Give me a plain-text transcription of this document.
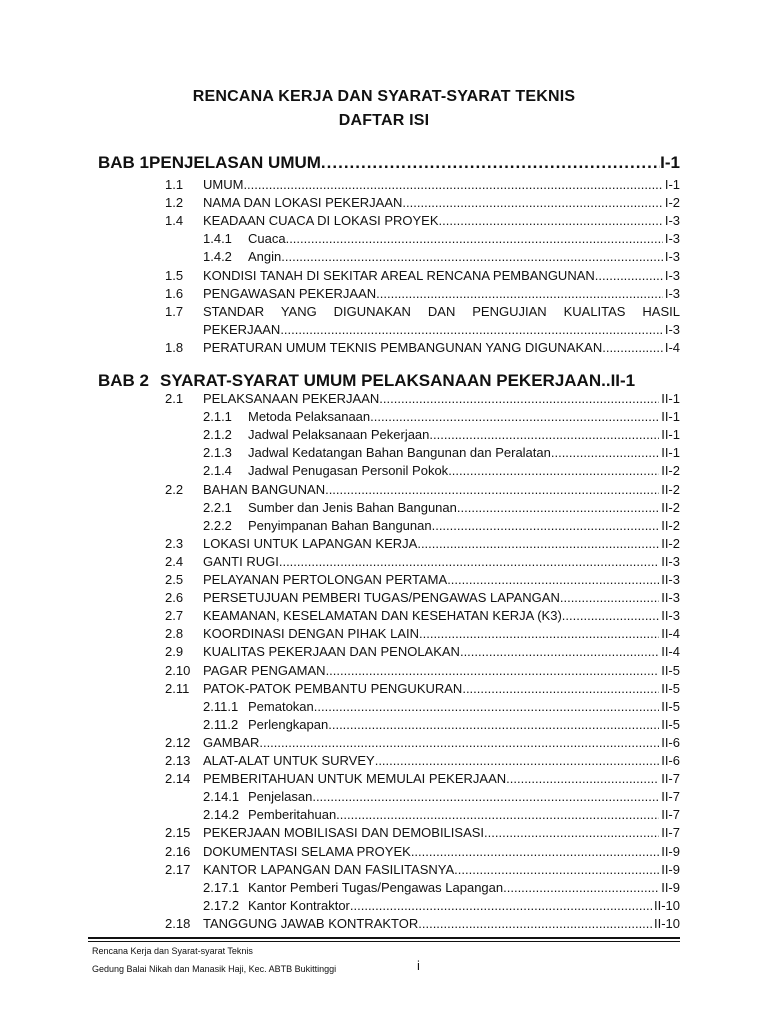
RENCANA KERJA DAN SYARAT-SYARAT TEKNIS
DAFTAR ISI
BAB 1 PENJELASAN UMUM .....	I-1
1.1 UMUM .....	I-1
1.2 NAMA DAN LOKASI PEKERJAAN .....	I-2
1.4 KEADAAN CUACA DI LOKASI PROYEK .....	I-3
1.4.1 Cuaca .....	I-3
1.4.2 Angin .....	I-3
1.5 KONDISI TANAH DI SEKITAR AREAL RENCANA PEMBANGUNAN .....	I-3
1.6 PENGAWASAN PEKERJAAN .....	I-3
1.7 STANDAR YANG DIGUNAKAN DAN PENGUJIAN KUALITAS HASIL
PEKERJAAN .....	I-3
1.8 PERATURAN UMUM TEKNIS PEMBANGUNAN YANG DIGUNAKAN .....	I-4
BAB 2 SYARAT-SYARAT UMUM PELAKSANAAN PEKERJAAN.. II-1
2.1 PELAKSANAAN PEKERJAAN .....	II-1
2.1.1 Metoda Pelaksanaan .....	II-1
2.1.2 Jadwal Pelaksanaan Pekerjaan .....	II-1
2.1.3 Jadwal Kedatangan Bahan Bangunan dan Peralatan .....	II-1
2.1.4 Jadwal Penugasan Personil Pokok .....	II-2
2.2 BAHAN BANGUNAN .....	II-2
2.2.1 Sumber dan Jenis Bahan Bangunan .....	II-2
2.2.2 Penyimpanan Bahan Bangunan .....	II-2
2.3 LOKASI UNTUK LAPANGAN KERJA .....	II-2
2.4 GANTI RUGI .....	II-3
2.5 PELAYANAN PERTOLONGAN PERTAMA .....	II-3
2.6 PERSETUJUAN PEMBERI TUGAS/PENGAWAS LAPANGAN .....	II-3
2.7 KEAMANAN, KESELAMATAN DAN KESEHATAN KERJA (K3) .....	II-3
2.8 KOORDINASI DENGAN PIHAK LAIN .....	II-4
2.9 KUALITAS PEKERJAAN DAN PENOLAKAN .....	II-4
2.10 PAGAR PENGAMAN .....	II-5
2.11 PATOK-PATOK PEMBANTU PENGUKURAN .....	II-5
2.11.1 Pematokan .....	II-5
2.11.2 Perlengkapan .....	II-5
2.12 GAMBAR .....	II-6
2.13 ALAT-ALAT UNTUK SURVEY .....	II-6
2.14 PEMBERITAHUAN UNTUK MEMULAI PEKERJAAN .....	II-7
2.14.1 Penjelasan .....	II-7
2.14.2 Pemberitahuan .....	II-7
2.15 PEKERJAAN MOBILISASI DAN DEMOBILISASI .....	II-7
2.16 DOKUMENTASI SELAMA PROYEK .....	II-9
2.17 KANTOR LAPANGAN DAN FASILITASNYA .....	II-9
2.17.1 Kantor Pemberi Tugas/Pengawas Lapangan .....	II-9
2.17.2 Kantor Kontraktor .....	II-10
2.18 TANGGUNG JAWAB KONTRAKTOR .....	II-10
Rencana Kerja dan Syarat-syarat Teknis
Gedung Balai Nikah dan Manasik Haji, Kec. ABTB Bukittinggi	i
